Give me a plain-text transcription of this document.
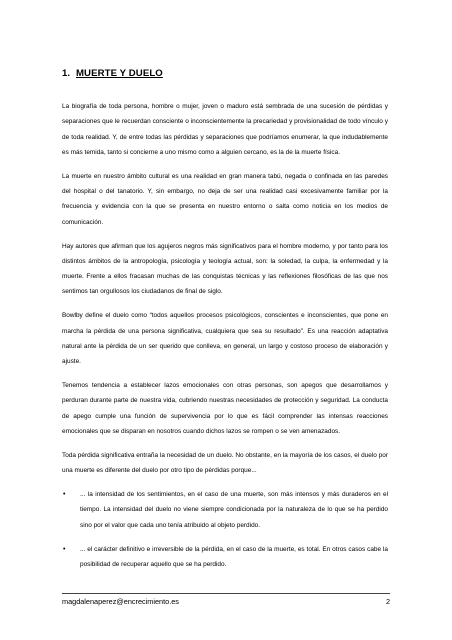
1. MUERTE Y DUELO

La biografía de toda persona, hombre o mujer, joven o maduro está sembrada de una sucesión de pérdidas y separaciones que le recuerdan consciente o inconscientemente la precariedad y provisionalidad de todo vínculo y de toda realidad. Y, de entre todas las pérdidas y separaciones que podríamos enumerar, la que indudablemente es más temida, tanto si concierne a uno mismo como a alguien cercano, es la de la muerte física.

La muerte en nuestro ámbito cultural es una realidad en gran manera tabú, negada o confinada en las paredes del hospital o del tanatorio. Y, sin embargo, no deja de ser una realidad casi excesivamente familiar por la frecuencia y evidencia con la que se presenta en nuestro entorno o salta como noticia en los medios de comunicación.

Hay autores que afirman que los agujeros negros más significativos para el hombre moderno, y por tanto para los distintos ámbitos de la antropología, psicología y teología actual, son: la soledad, la culpa, la enfermedad y la muerte. Frente a ellos fracasan muchas de las conquistas técnicas y las reflexiones filosóficas de las que nos sentimos tan orgullosos los ciudadanos de final de siglo.

Bowlby define el duelo como “todos aquellos procesos psicológicos, conscientes e inconscientes, que pone en marcha la pérdida de una persona significativa, cualquiera que sea su resultado”. Es una reacción adaptativa natural ante la pérdida de un ser querido que conlleva, en general, un largo y costoso proceso de elaboración y ajuste.

Tenemos tendencia a establecer lazos emocionales con otras personas, son apegos que desarrollamos y perduran durante parte de nuestra vida, cubriendo nuestras necesidades de protección y seguridad. La conducta de apego cumple una función de supervivencia por lo que es fácil comprender las intensas reacciones emocionales que se disparan en nosotros cuando dichos lazos se rompen o se ven amenazados.

Toda pérdida significativa entraña la necesidad de un duelo. No obstante, en la mayoría de los casos, el duelo por una muerte es diferente del duelo por otro tipo de pérdidas porque...

• ... la intensidad de los sentimientos, en el caso de una muerte, son más intensos y más duraderos en el tiempo. La intensidad del duelo no viene siempre condicionada por la naturaleza de lo que se ha perdido sino por el valor que cada uno tenía atribuido al objeto perdido.
• ... el carácter definitivo e irreversible de la pérdida, en el caso de la muerte, es total. En otros casos cabe la posibilidad de recuperar aquello que se ha perdido.
magdalenaperez@encrecimiento.es	2
